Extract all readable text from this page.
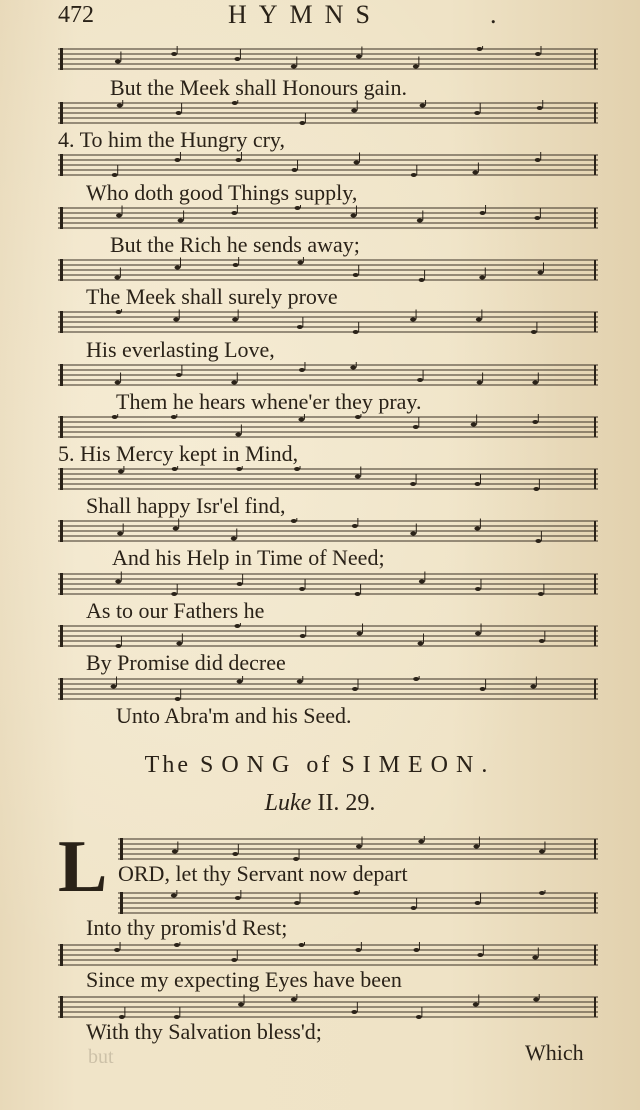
472	HYMNS	.
But the Meek shall Honours gain.
4. To him the Hungry cry,
Who doth good Things supply,
But the Rich he sends away;
The Meek shall surely prove
His everlasting Love,
Them he hears whene'er they pray.
5. His Mercy kept in Mind,
Shall happy Isr'el find,
And his Help in Time of Need;
As to our Fathers he
By Promise did decree
Unto Abra'm and his Seed.
The SONG of SIMEON.
Luke II. 29.
L ORD, let thy Servant now depart
Into thy promis'd Rest;
Since my expecting Eyes have been
With thy Salvation bless'd;
but	Which
